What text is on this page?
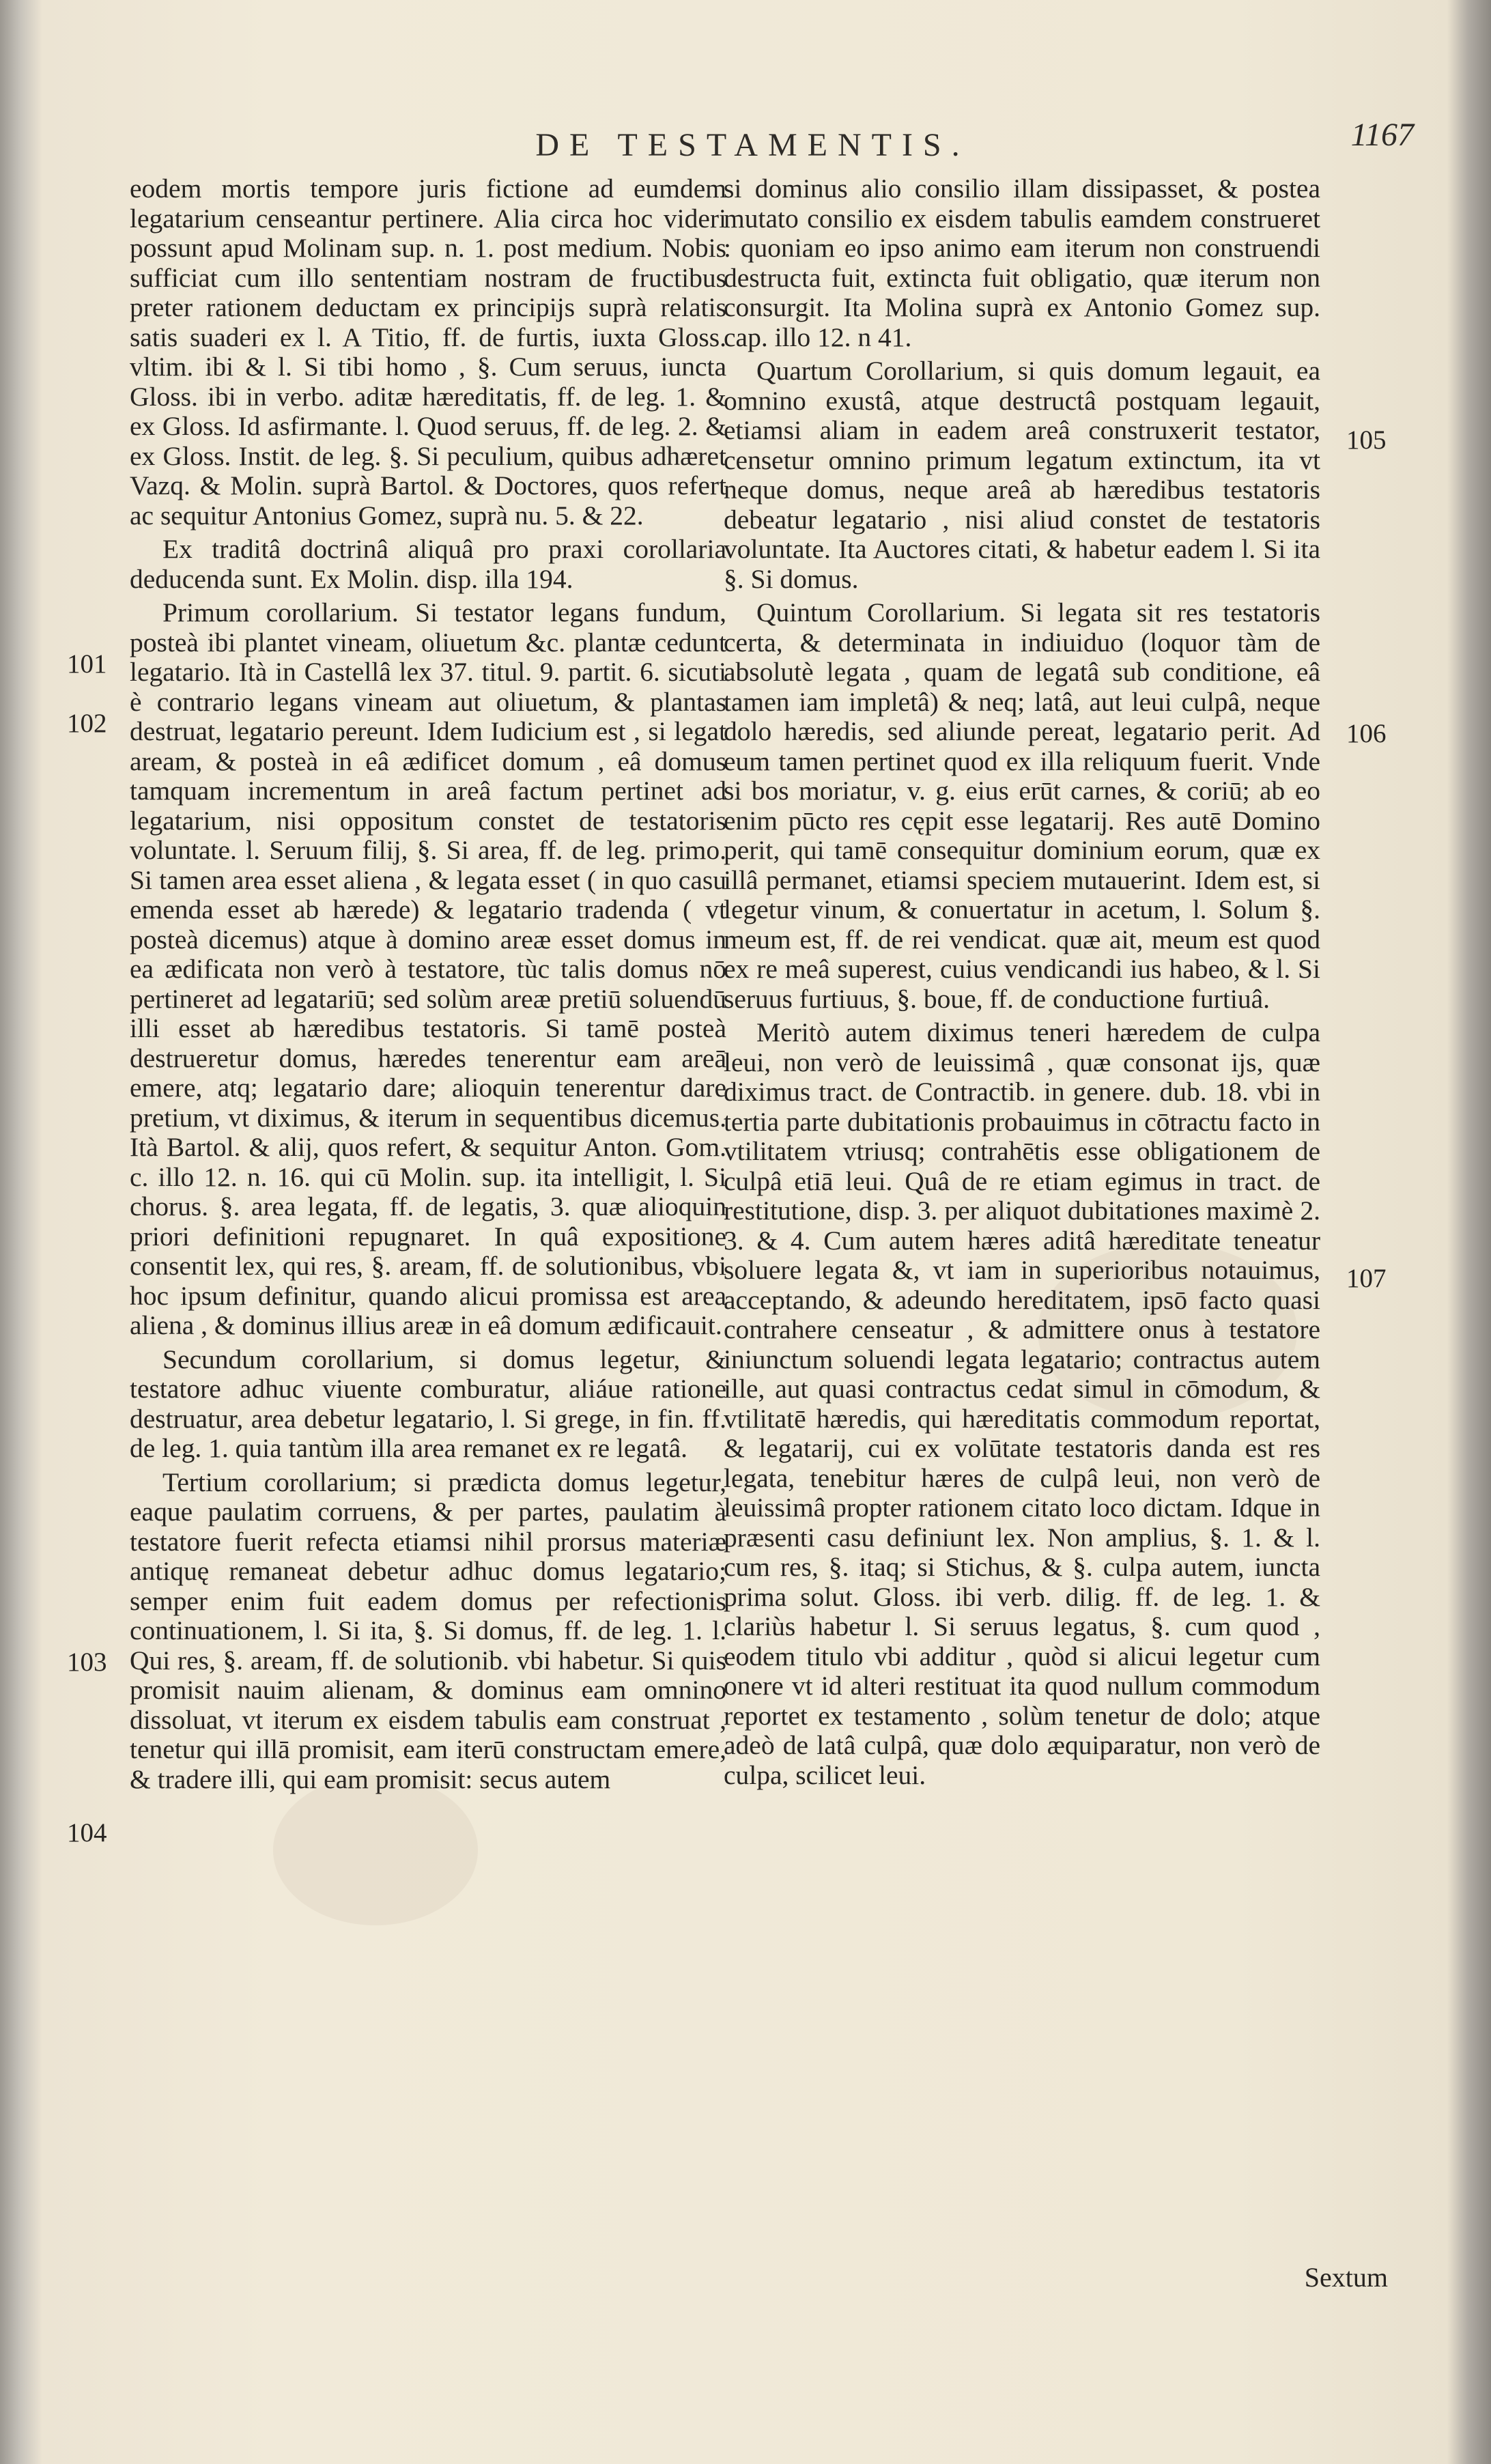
DE TESTAMENTIS.	1167
101
102
103
104
105
106
107

eodem mortis tempore juris fictione ad eumdem legatarium censeantur pertinere. Alia circa hoc videri possunt apud Molinam sup. n. 1. post medium. Nobis sufficiat cum illo sententiam nostram de fructibus preter rationem deductam ex principijs suprà relatis satis suaderi ex l. A Titio, ff. de furtis, iuxta Gloss. vltim. ibi & l. Si tibi homo , §. Cum seruus, iuncta Gloss. ibi in verbo. aditæ hæreditatis, ff. de leg. 1. & ex Gloss. Id asfirmante. l. Quod seruus, ff. de leg. 2. & ex Gloss. Instit. de leg. §. Si peculium, quibus adhæret Vazq. & Molin. suprà Bartol. & Doctores, quos refert ac sequitur Antonius Gomez, suprà nu. 5. & 22.

Ex traditâ doctrinâ aliquâ pro praxi corollaria deducenda sunt. Ex Molin. disp. illa 194.

Primum corollarium. Si testator legans fundum, posteà ibi plantet vineam, oliuetum &c. plantæ cedunt legatario. Ità in Castellâ lex 37. titul. 9. partit. 6. sicuti è contrario legans vineam aut oliuetum, & plantas destruat, legatario pereunt. Idem Iudicium est , si legat aream, & posteà in eâ ædificet domum , eâ domus tamquam incrementum in areâ factum pertinet ad legatarium, nisi oppositum constet de testatoris voluntate. l. Seruum filij, §. Si area, ff. de leg. primo. Si tamen area esset aliena , & legata esset ( in quo casu emenda esset ab hærede) & legatario tradenda ( vt posteà dicemus) atque à domino areæ esset domus in ea ædificata non verò à testatore, tùc talis domus nō pertineret ad legatariū; sed solùm areæ pretiū soluendū illi esset ab hæredibus testatoris. Si tamē posteà destrueretur domus, hæredes tenerentur eam areā emere, atq; legatario dare; alioquin tenerentur dare pretium, vt diximus, & iterum in sequentibus dicemus. Ità Bartol. & alij, quos refert, & sequitur Anton. Gom. c. illo 12. n. 16. qui cū Molin. sup. ita intelligit, l. Si chorus. §. area legata, ff. de legatis, 3. quæ alioquin priori definitioni repugnaret. In quâ expositione consentit lex, qui res, §. aream, ff. de solutionibus, vbi hoc ipsum definitur, quando alicui promissa est area aliena , & dominus illius areæ in eâ domum ædificauit.

Secundum corollarium, si domus legetur, & testatore adhuc viuente comburatur, aliáue ratione destruatur, area debetur legatario, l. Si grege, in fin. ff. de leg. 1. quia tantùm illa area remanet ex re legatâ.

Tertium corollarium; si prædicta domus legetur, eaque paulatim corruens, & per partes, paulatim à testatore fuerit refecta etiamsi nihil prorsus materiæ antiquę remaneat debetur adhuc domus legatario; semper enim fuit eadem domus per refectionis continuationem, l. Si ita, §. Si domus, ff. de leg. 1. l. Qui res, §. aream, ff. de solutionib. vbi habetur. Si quis promisit nauim alienam, & dominus eam omnino dissoluat, vt iterum ex eisdem tabulis eam construat , tenetur qui illā promisit, eam iterū constructam emere, & tradere illi, qui eam promisit: secus autem

si dominus alio consilio illam dissipasset, & postea mutato consilio ex eisdem tabulis eamdem construeret : quoniam eo ipso animo eam iterum non construendi destructa fuit, extincta fuit obligatio, quæ iterum non consurgit. Ita Molina suprà ex Antonio Gomez sup. cap. illo 12. n 41.

Quartum Corollarium, si quis domum legauit, ea omnino exustâ, atque destructâ postquam legauit, etiamsi aliam in eadem areâ construxerit testator, censetur omnino primum legatum extinctum, ita vt neque domus, neque areâ ab hæredibus testatoris debeatur legatario , nisi aliud constet de testatoris voluntate. Ita Auctores citati, & habetur eadem l. Si ita §. Si domus.

Quintum Corollarium. Si legata sit res testatoris certa, & determinata in indiuiduo (loquor tàm de absolutè legata , quam de legatâ sub conditione, eâ tamen iam impletâ) & neq; latâ, aut leui culpâ, neque dolo hæredis, sed aliunde pereat, legatario perit. Ad eum tamen pertinet quod ex illa reliquum fuerit. Vnde si bos moriatur, v. g. eius erūt carnes, & coriū; ab eo enim pūcto res cępit esse legatarij. Res autē Domino perit, qui tamē consequitur dominium eorum, quæ ex illâ permanet, etiamsi speciem mutauerint. Idem est, si legetur vinum, & conuertatur in acetum, l. Solum §. meum est, ff. de rei vendicat. quæ ait, meum est quod ex re meâ superest, cuius vendicandi ius habeo, & l. Si seruus furtiuus, §. boue, ff. de conductione furtiuâ.

Meritò autem diximus teneri hæredem de culpa leui, non verò de leuissimâ , quæ consonat ijs, quæ diximus tract. de Contractib. in genere. dub. 18. vbi in tertia parte dubitationis probauimus in cōtractu facto in vtilitatem vtriusq; contrahētis esse obligationem de culpâ etiā leui. Quâ de re etiam egimus in tract. de restitutione, disp. 3. per aliquot dubitationes maximè 2. 3. & 4. Cum autem hæres aditâ hæreditate teneatur soluere legata &, vt iam in superioribus notauimus, acceptando, & adeundo hereditatem, ipsō facto quasi contrahere censeatur , & admittere onus à testatore iniunctum soluendi legata legatario; contractus autem ille, aut quasi contractus cedat simul in cōmodum, & vtilitatē hæredis, qui hæreditatis commodum reportat, & legatarij, cui ex volūtate testatoris danda est res legata, tenebitur hæres de culpâ leui, non verò de leuissimâ propter rationem citato loco dictam. Idque in præsenti casu definiunt lex. Non amplius, §. 1. & l. cum res, §. itaq; si Stichus, & §. culpa autem, iuncta prima solut. Gloss. ibi verb. dilig. ff. de leg. 1. & clariùs habetur l. Si seruus legatus, §. cum quod , eodem titulo vbi additur , quòd si alicui legetur cum onere vt id alteri restituat ita quod nullum commodum reportet ex testamento , solùm tenetur de dolo; atque adeò de latâ culpâ, quæ dolo æquiparatur, non verò de culpa, scilicet leui.

Sextum
